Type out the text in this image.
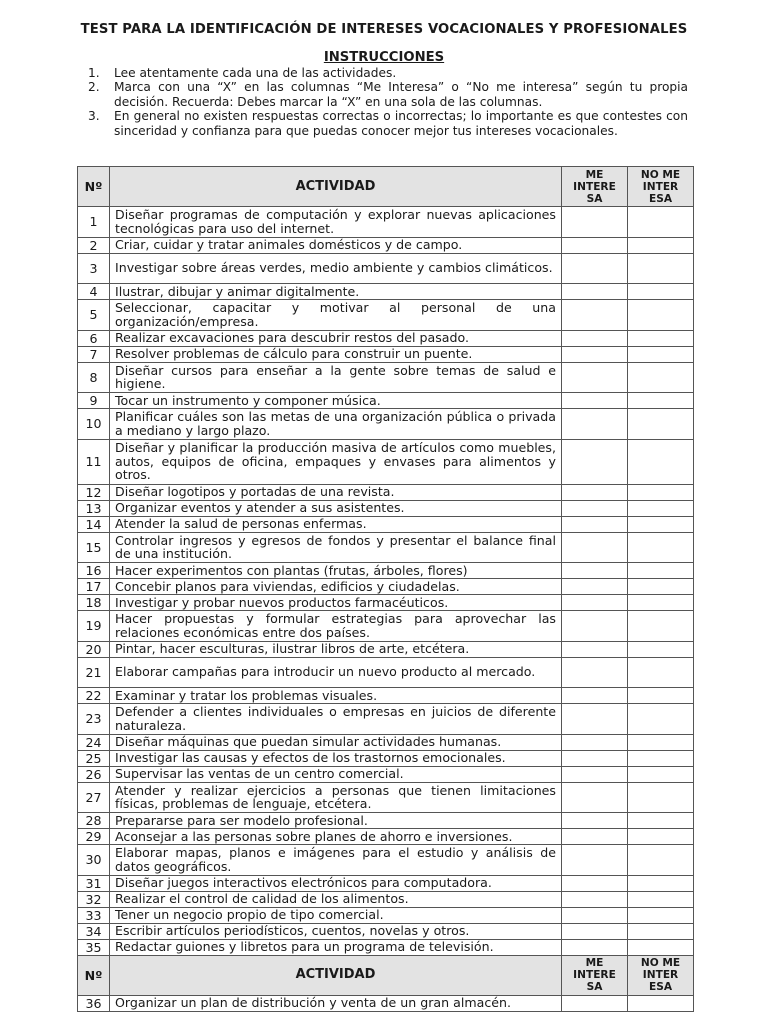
TEST PARA LA IDENTIFICACIÓN DE INTERESES VOCACIONALES Y PROFESIONALES
INSTRUCCIONES
1. Lee atentamente cada una de las actividades.
2. Marca con una “X” en las columnas “Me Interesa” o “No me interesa” según tu propia decisión. Recuerda: Debes marcar la “X” en una sola de las columnas.
3. En general no existen respuestas correctas o incorrectas; lo importante es que contestes con sinceridad y confianza para que puedas conocer mejor tus intereses vocacionales.
Nº	ACTIVIDAD	ME INTERE SA	NO ME INTER ESA
1	Diseñar programas de computación y explorar nuevas aplicaciones tecnológicas para uso del internet.		
2	Criar, cuidar y tratar animales domésticos y de campo.		
3	Investigar sobre áreas verdes, medio ambiente y cambios climáticos.		
4	Ilustrar, dibujar y animar digitalmente.		
5	Seleccionar, capacitar y motivar al personal de una organización/empresa.		
6	Realizar excavaciones para descubrir restos del pasado.		
7	Resolver problemas de cálculo para construir un puente.		
8	Diseñar cursos para enseñar a la gente sobre temas de salud e higiene.		
9	Tocar un instrumento y componer música.		
10	Planificar cuáles son las metas de una organización pública o privada a mediano y largo plazo.		
11	Diseñar y planificar la producción masiva de artículos como muebles, autos, equipos de oficina, empaques y envases para alimentos y otros.		
12	Diseñar logotipos y portadas de una revista.		
13	Organizar eventos y atender a sus asistentes.		
14	Atender la salud de personas enfermas.		
15	Controlar ingresos y egresos de fondos y presentar el balance final de una institución.		
16	Hacer experimentos con plantas (frutas, árboles, flores)		
17	Concebir planos para viviendas, edificios y ciudadelas.		
18	Investigar y probar nuevos productos farmacéuticos.		
19	Hacer propuestas y formular estrategias para aprovechar las relaciones económicas entre dos países.		
20	Pintar, hacer esculturas, ilustrar libros de arte, etcétera.		
21	Elaborar campañas para introducir un nuevo producto al mercado.		
22	Examinar y tratar los problemas visuales.		
23	Defender a clientes individuales o empresas en juicios de diferente naturaleza.		
24	Diseñar máquinas que puedan simular actividades humanas.		
25	Investigar las causas y efectos de los trastornos emocionales.		
26	Supervisar las ventas de un centro comercial.		
27	Atender y realizar ejercicios a personas que tienen limitaciones físicas, problemas de lenguaje, etcétera.		
28	Prepararse para ser modelo profesional.		
29	Aconsejar a las personas sobre planes de ahorro e inversiones.		
30	Elaborar mapas, planos e imágenes para el estudio y análisis de datos geográficos.		
31	Diseñar juegos interactivos electrónicos para computadora.		
32	Realizar el control de calidad de los alimentos.		
33	Tener un negocio propio de tipo comercial.		
34	Escribir artículos periodísticos, cuentos, novelas y otros.		
35	Redactar guiones y libretos para un programa de televisión.		
Nº	ACTIVIDAD	ME INTERE SA	NO ME INTER ESA
36	Organizar un plan de distribución y venta de un gran almacén.		
